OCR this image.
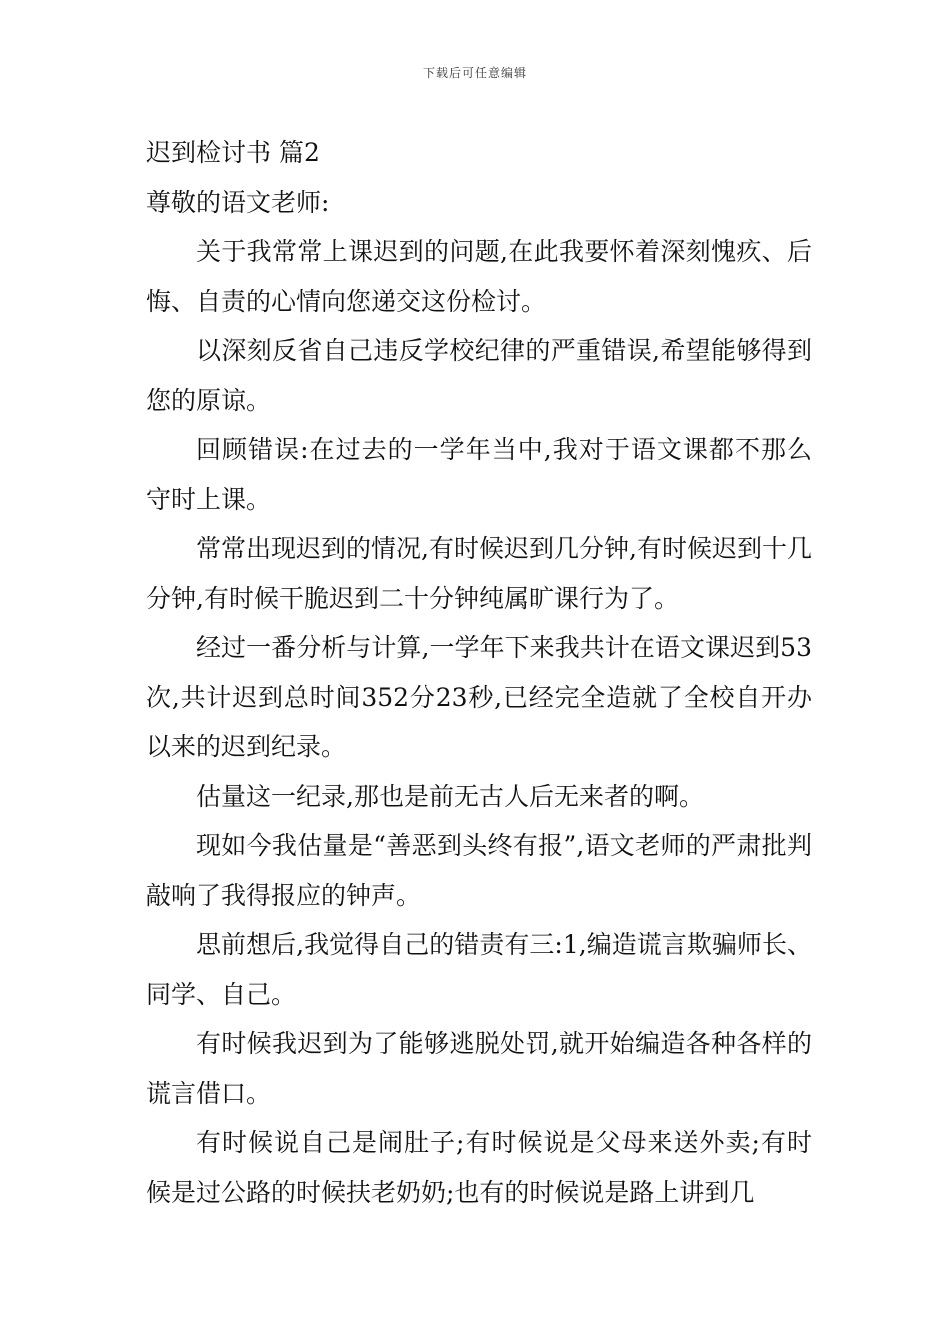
下载后可任意编辑

迟到检讨书 篇2

尊敬的语文老师:

关于我常常上课迟到的问题,在此我要怀着深刻愧疚、后悔、自责的心情向您递交这份检讨。

以深刻反省自己违反学校纪律的严重错误,希望能够得到您的原谅。

回顾错误:在过去的一学年当中,我对于语文课都不那么守时上课。

常常出现迟到的情况,有时候迟到几分钟,有时候迟到十几分钟,有时候干脆迟到二十分钟纯属旷课行为了。

经过一番分析与计算,一学年下来我共计在语文课迟到53次,共计迟到总时间352分23秒,已经完全造就了全校自开办以来的迟到纪录。

估量这一纪录,那也是前无古人后无来者的啊。

现如今我估量是“善恶到头终有报”,语文老师的严肃批判敲响了我得报应的钟声。

思前想后,我觉得自己的错责有三:1,编造谎言欺骗师长、同学、自己。

有时候我迟到为了能够逃脱处罚,就开始编造各种各样的谎言借口。

有时候说自己是闹肚子;有时候说是父母来送外卖;有时候是过公路的时候扶老奶奶;也有的时候说是路上讲到几
